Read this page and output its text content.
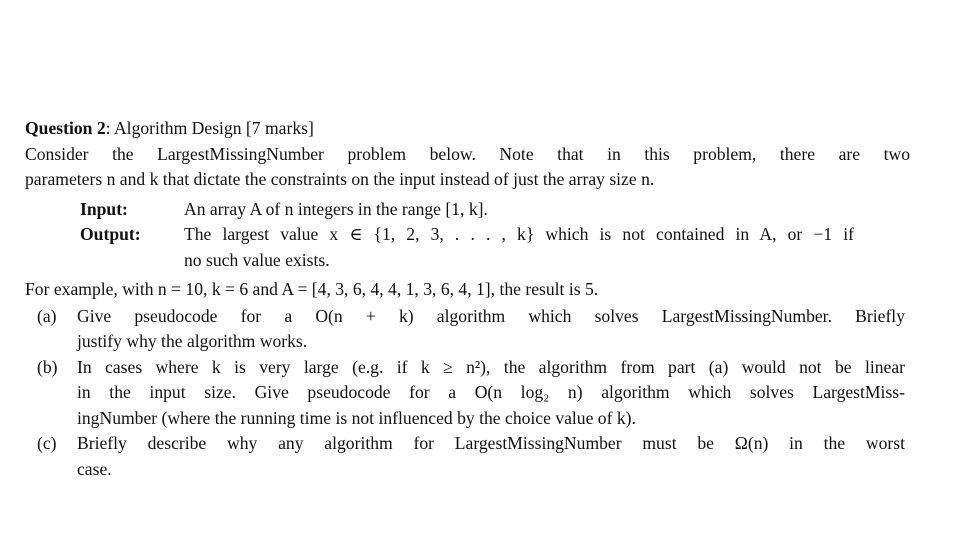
Question 2: Algorithm Design [7 marks]
Consider the LargestMissingNumber problem below. Note that in this problem, there are two
parameters n and k that dictate the constraints on the input instead of just the array size n.
Input:	An array A of n integers in the range [1, k].
Output:	The largest value x ∈ {1, 2, 3, . . . , k} which is not contained in A, or −1 if
no such value exists.
For example, with n = 10, k = 6 and A = [4, 3, 6, 4, 4, 1, 3, 6, 4, 1], the result is 5.
(a)	Give pseudocode for a O(n + k) algorithm which solves LargestMissingNumber. Briefly
justify why the algorithm works.
(b)	In cases where k is very large (e.g. if k ≥ n²), the algorithm from part (a) would not be linear
in the input size. Give pseudocode for a O(n log₂ n) algorithm which solves LargestMiss-
ingNumber (where the running time is not influenced by the choice value of k).
(c)	Briefly describe why any algorithm for LargestMissingNumber must be Ω(n) in the worst
case.
